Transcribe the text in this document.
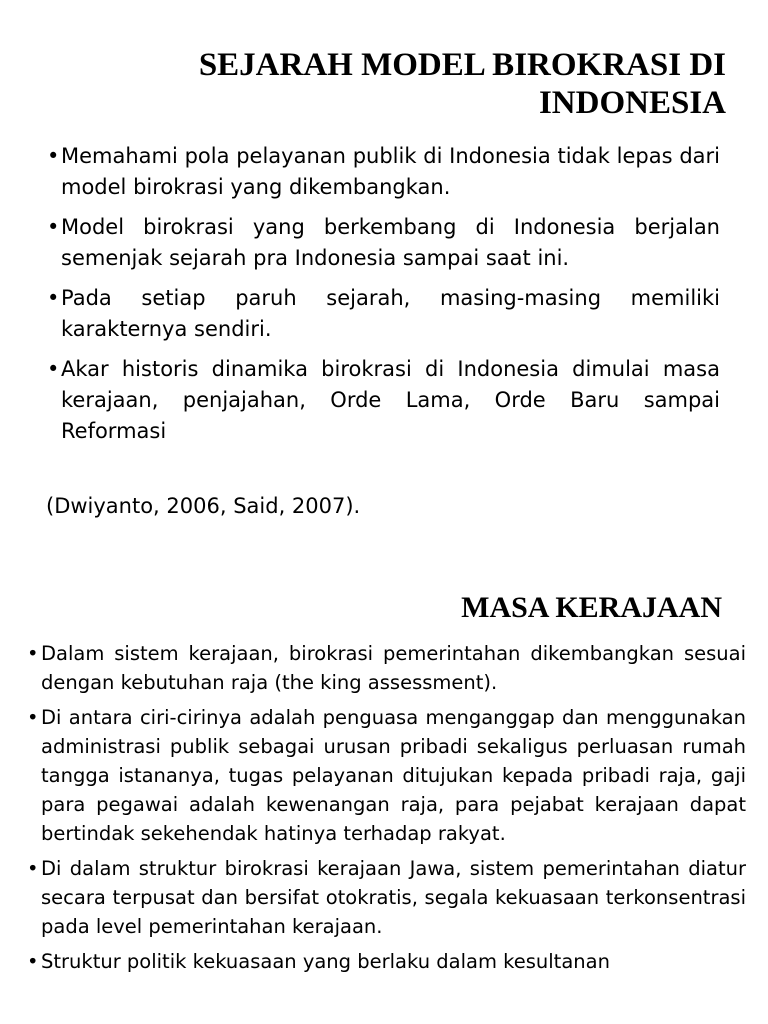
SEJARAH MODEL BIROKRASI DI INDONESIA
• Memahami pola pelayanan publik di Indonesia tidak lepas dari model birokrasi yang dikembangkan.
• Model birokrasi yang berkembang di Indonesia berjalan semenjak sejarah pra Indonesia sampai saat ini.
• Pada setiap paruh sejarah, masing-masing memiliki karakternya sendiri.
• Akar historis dinamika birokrasi di Indonesia dimulai masa kerajaan, penjajahan, Orde Lama, Orde Baru sampai Reformasi
(Dwiyanto, 2006, Said, 2007).
MASA KERAJAAN
• Dalam sistem kerajaan, birokrasi pemerintahan dikembangkan sesuai dengan kebutuhan raja (the king assessment).
• Di antara ciri-cirinya adalah penguasa menganggap dan menggunakan administrasi publik sebagai urusan pribadi sekaligus perluasan rumah tangga istananya, tugas pelayanan ditujukan kepada pribadi raja, gaji para pegawai adalah kewenangan raja, para pejabat kerajaan dapat bertindak sekehendak hatinya terhadap rakyat.
• Di dalam struktur birokrasi kerajaan Jawa, sistem pemerintahan diatur secara terpusat dan bersifat otokratis, segala kekuasaan terkonsentrasi pada level pemerintahan kerajaan.
• Struktur politik kekuasaan yang berlaku dalam kesultanan
